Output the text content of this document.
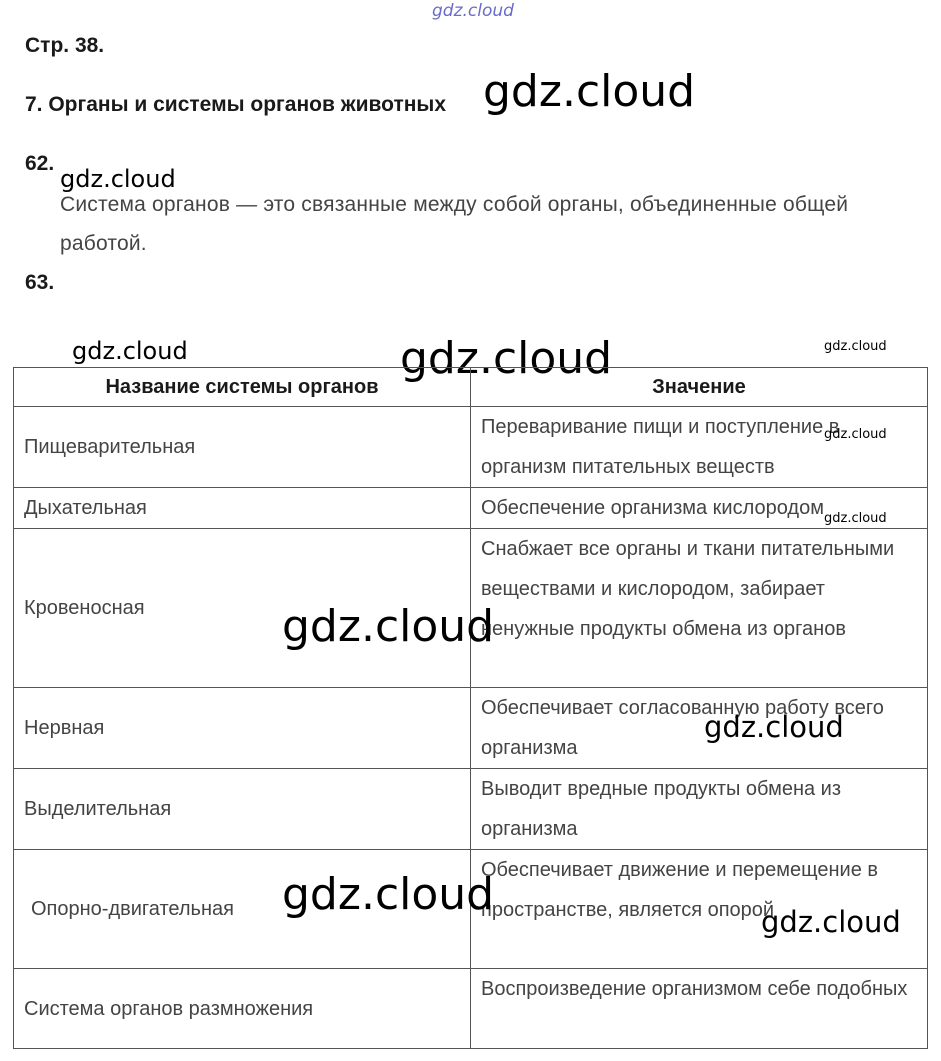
gdz.cloud
Стр. 38.
7. Органы и системы органов животных gdz.cloud
62.
gdz.cloud
Система органов — это связанные между собой органы, объединенные общей работой.
63.
gdz.cloud	gdz.cloud	gdz.cloud
Название системы органов	Значение
Пищеварительная	Переваривание пищи и поступление в организм питательных веществ
Дыхательная	Обеспечение организма кислородом
Кровеносная	Снабжает все органы и ткани питательными веществами и кислородом, забирает ненужные продукты обмена из органов
Нервная	Обеспечивает согласованную работу всего организма
Выделительная	Выводит вредные продукты обмена из организма
Опорно-двигательная	Обеспечивает движение и перемещение в пространстве, является опорой
Система органов размножения	Воспроизведение организмом себе подобных
gdz.cloud
gdz.cloud
gdz.cloud
gdz.cloud
gdz.cloud
gdz.cloud
